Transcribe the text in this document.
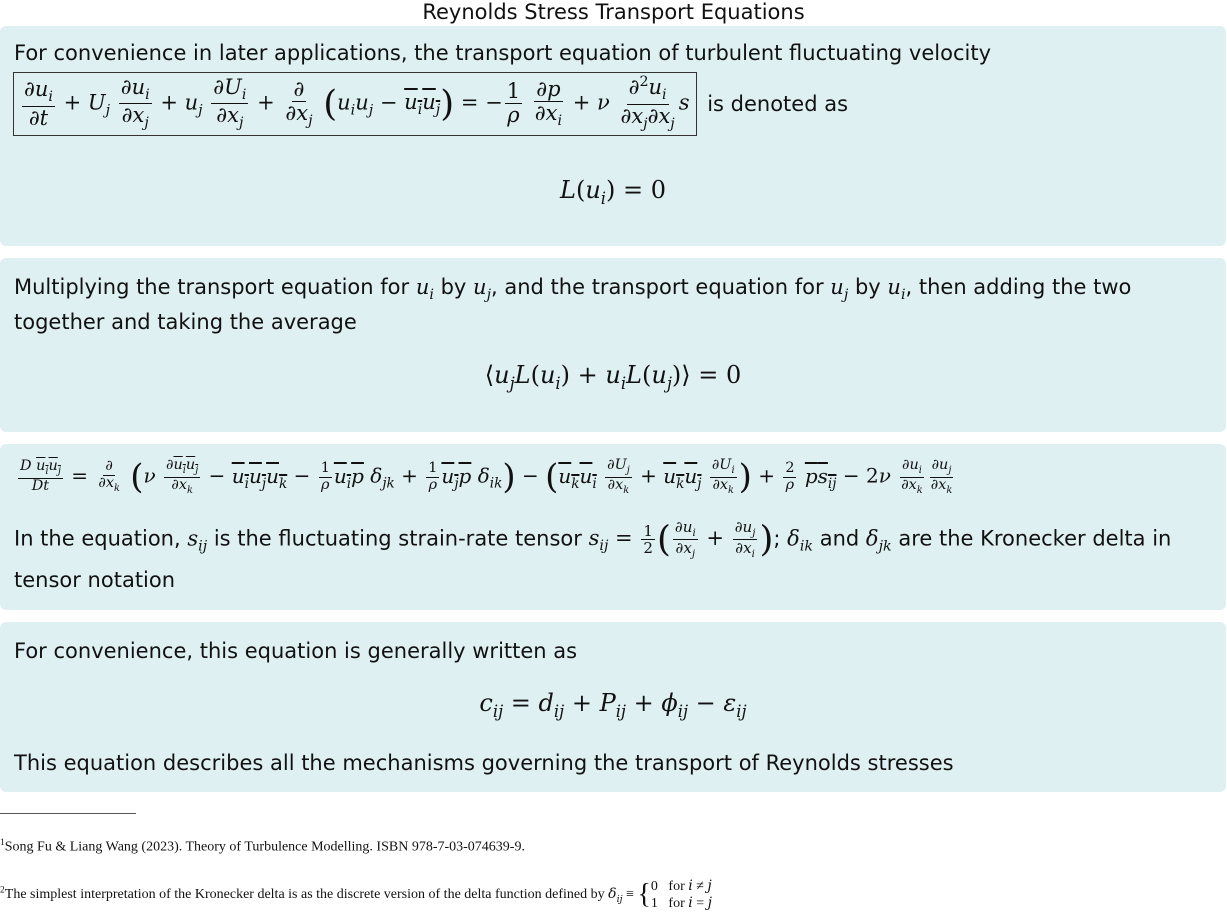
Reynolds Stress Transport Equations
For convenience in later applications, the transport equation of turbulent fluctuating velocity
$\frac{\partial u_i}{\partial t} + U_j \frac{\partial u_i}{\partial x_j} + u_j \frac{\partial U_i}{\partial x_j} + \frac{\partial}{\partial x_j} (u_iu_j - u_iu_j)$ = − $\frac{1}{\rho}$
$\frac{\partial p}{\partial x_i} + \nu \frac{\partial^2u_i}{\partial x_j\partial x_j}$ s is denoted as
$L(u_i) = 0$
Multiplying the transport equation for $u_i$ by $u_j$, and the transport equation for $u_j$ by $u_i$, then adding the two
together and taking the average
$⟨u_jL(u_i)$ + $u_iL(u_j)⟩ = 0$
$\frac{D u_iu_j}{Dt} = \frac{\partial}{\partial x_k} (\nu \frac{\partial u_iu_j}{\partial x_k} - u_iu_ju_k - \frac{1}{\rho} u_ip$ $\delta_{jk} + \frac{1}{\rho} u_jp$ $\delta_{ik}) - (u_ku_i \frac{\partial U_j}{\partial x_k} + u_ku_j \frac{\partial U_i}{\partial x_k}$ ) + $\frac{2}{\rho} ps_{ij} - 2\nu \frac{\partial u_i}{\partial x_k} \frac{\partial u_j}{\partial x_k}$
In the equation, $s_{ij}$ is the fluctuating strain-rate tensor $s_{ij} = \frac{1}{2}$ ( $\frac{\partial u_i}{\partial x_j} + \frac{\partial u_j}{\partial x_i}$ ); $\delta_{ik}$ and $\delta_{jk}$ are the Kronecker delta in
tensor notation
For convenience, this equation is generally written as
$c_{ij} = d_{ij} + P_{ij} + \phi_{ij} - \varepsilon_{ij}$
This equation describes all the mechanisms governing the transport of Reynolds stresses
$^1$Song Fu & Liang Wang (2023). Theory of Turbulence Modelling. ISBN 978-7-03-074639-9.
$^2$The simplest interpretation of the Kronecker delta is as the discrete version of the delta function defined by $\delta_{ij}$ ≡ { 0   for i ≠ j
1   for i = j
